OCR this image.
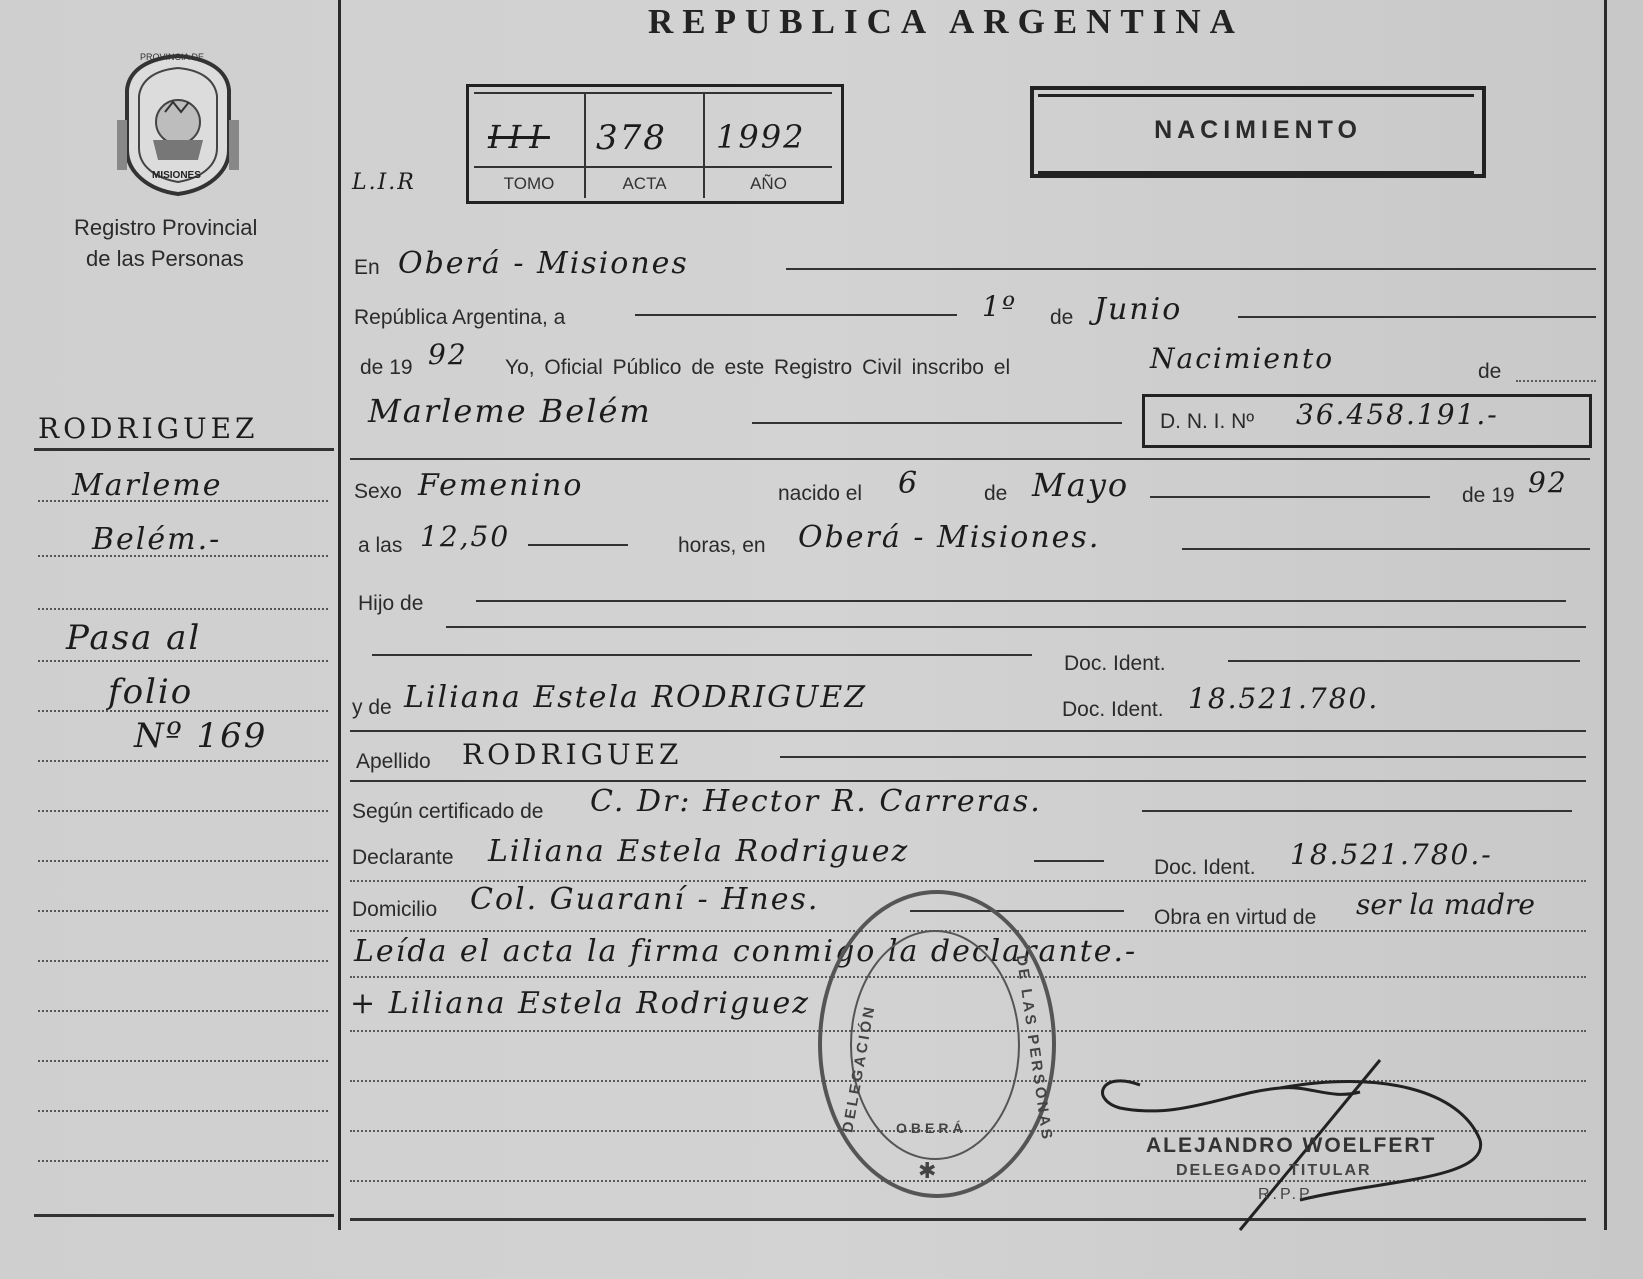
REPUBLICA ARGENTINA
PROVINCIA DE
MISIONES
Registro Provincial
de las Personas
III 378 1992
TOMO	ACTA	AÑO
L.I.R
NACIMIENTO
En Oberá - Misiones
República Argentina, a	1º de Junio
de 19 92 Yo, Oficial Público de este Registro Civil inscribo el	Nacimiento	de
Marleme Belém	D. N. I. Nº 36.458.191.-
RODRIGUEZ
Marleme
Belém.-
Pasa al
folio
Nº 169
Sexo Femenino	nacido el 6	de Mayo	de 19 92
a las 12,50	horas, en Oberá - Misiones.
Hijo de
Doc. Ident.
y de Liliana Estela RODRIGUEZ	Doc. Ident. 18.521.780.
Apellido RODRIGUEZ
Según certificado de C. Dr: Hector R. Carreras.
Declarante Liliana Estela Rodriguez	Doc. Ident. 18.521.780.-
Domicilio Col. Guaraní - Hnes.
Obra en virtud de ser la madre
Leída el acta la firma conmigo la declarante.-
+ Liliana Estela Rodriguez DELEGACIÓN	DE LAS PERSONAS
OBERÁ
✱
ALEJANDRO WOELFERT
DELEGADO TITULAR
R.P.P.
